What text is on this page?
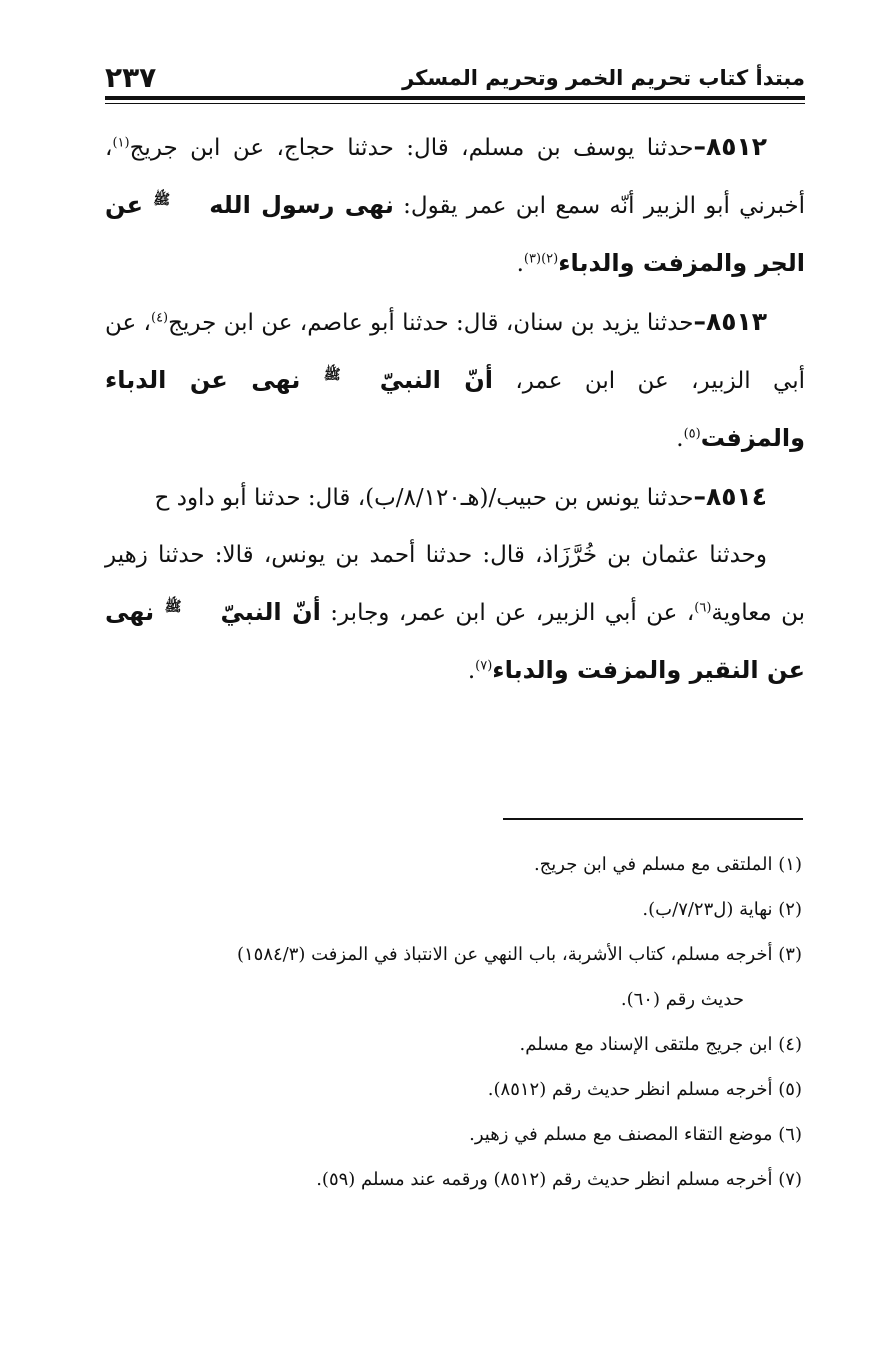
مبتدأ كتاب تحريم الخمر وتحريم المسكر
٢٣٧

٨٥١٢–حدثنا يوسف بن مسلم، قال: حدثنا حجاج، عن ابن جريج$^{(١)}$، أخبرني أبو الزبير أنّه سمع ابن عمر يقول: نهى رسول اللهﷺ عن الجر والمزفت والدباء$^{(٢)(٣)}$.

٨٥١٣–حدثنا يزيد بن سنان، قال: حدثنا أبو عاصم، عن ابن جريج$^{(٤)}$، عن أبي الزبير، عن ابن عمر، أنّ النبيّﷺ نهى عن الدباء والمزفت$^{(٥)}$.

٨٥١٤–حدثنا يونس بن حبيب/(هـ٨/١٢٠/ب)، قال: حدثنا أبو داود ح

وحدثنا عثمان بن خُرَّزَاذ، قال: حدثنا أحمد بن يونس، قالا: حدثنا زهير بن معاوية$^{(٦)}$، عن أبي الزبير، عن ابن عمر، وجابر: أنّ النبيّﷺ نهى عن النقير والمزفت والدباء$^{(٧)}$.

(١) الملتقى مع مسلم في ابن جريج.
(٢) نهاية (ل٧/٢٣/ب).
(٣) أخرجه مسلم، كتاب الأشربة، باب النهي عن الانتباذ في المزفت (١٥٨٤/٣)
حديث رقم (٦٠).
(٤) ابن جريج ملتقى الإسناد مع مسلم.
(٥) أخرجه مسلم انظر حديث رقم (٨٥١٢).
(٦) موضع التقاء المصنف مع مسلم في زهير.
(٧) أخرجه مسلم انظر حديث رقم (٨٥١٢) ورقمه عند مسلم (٥٩).
